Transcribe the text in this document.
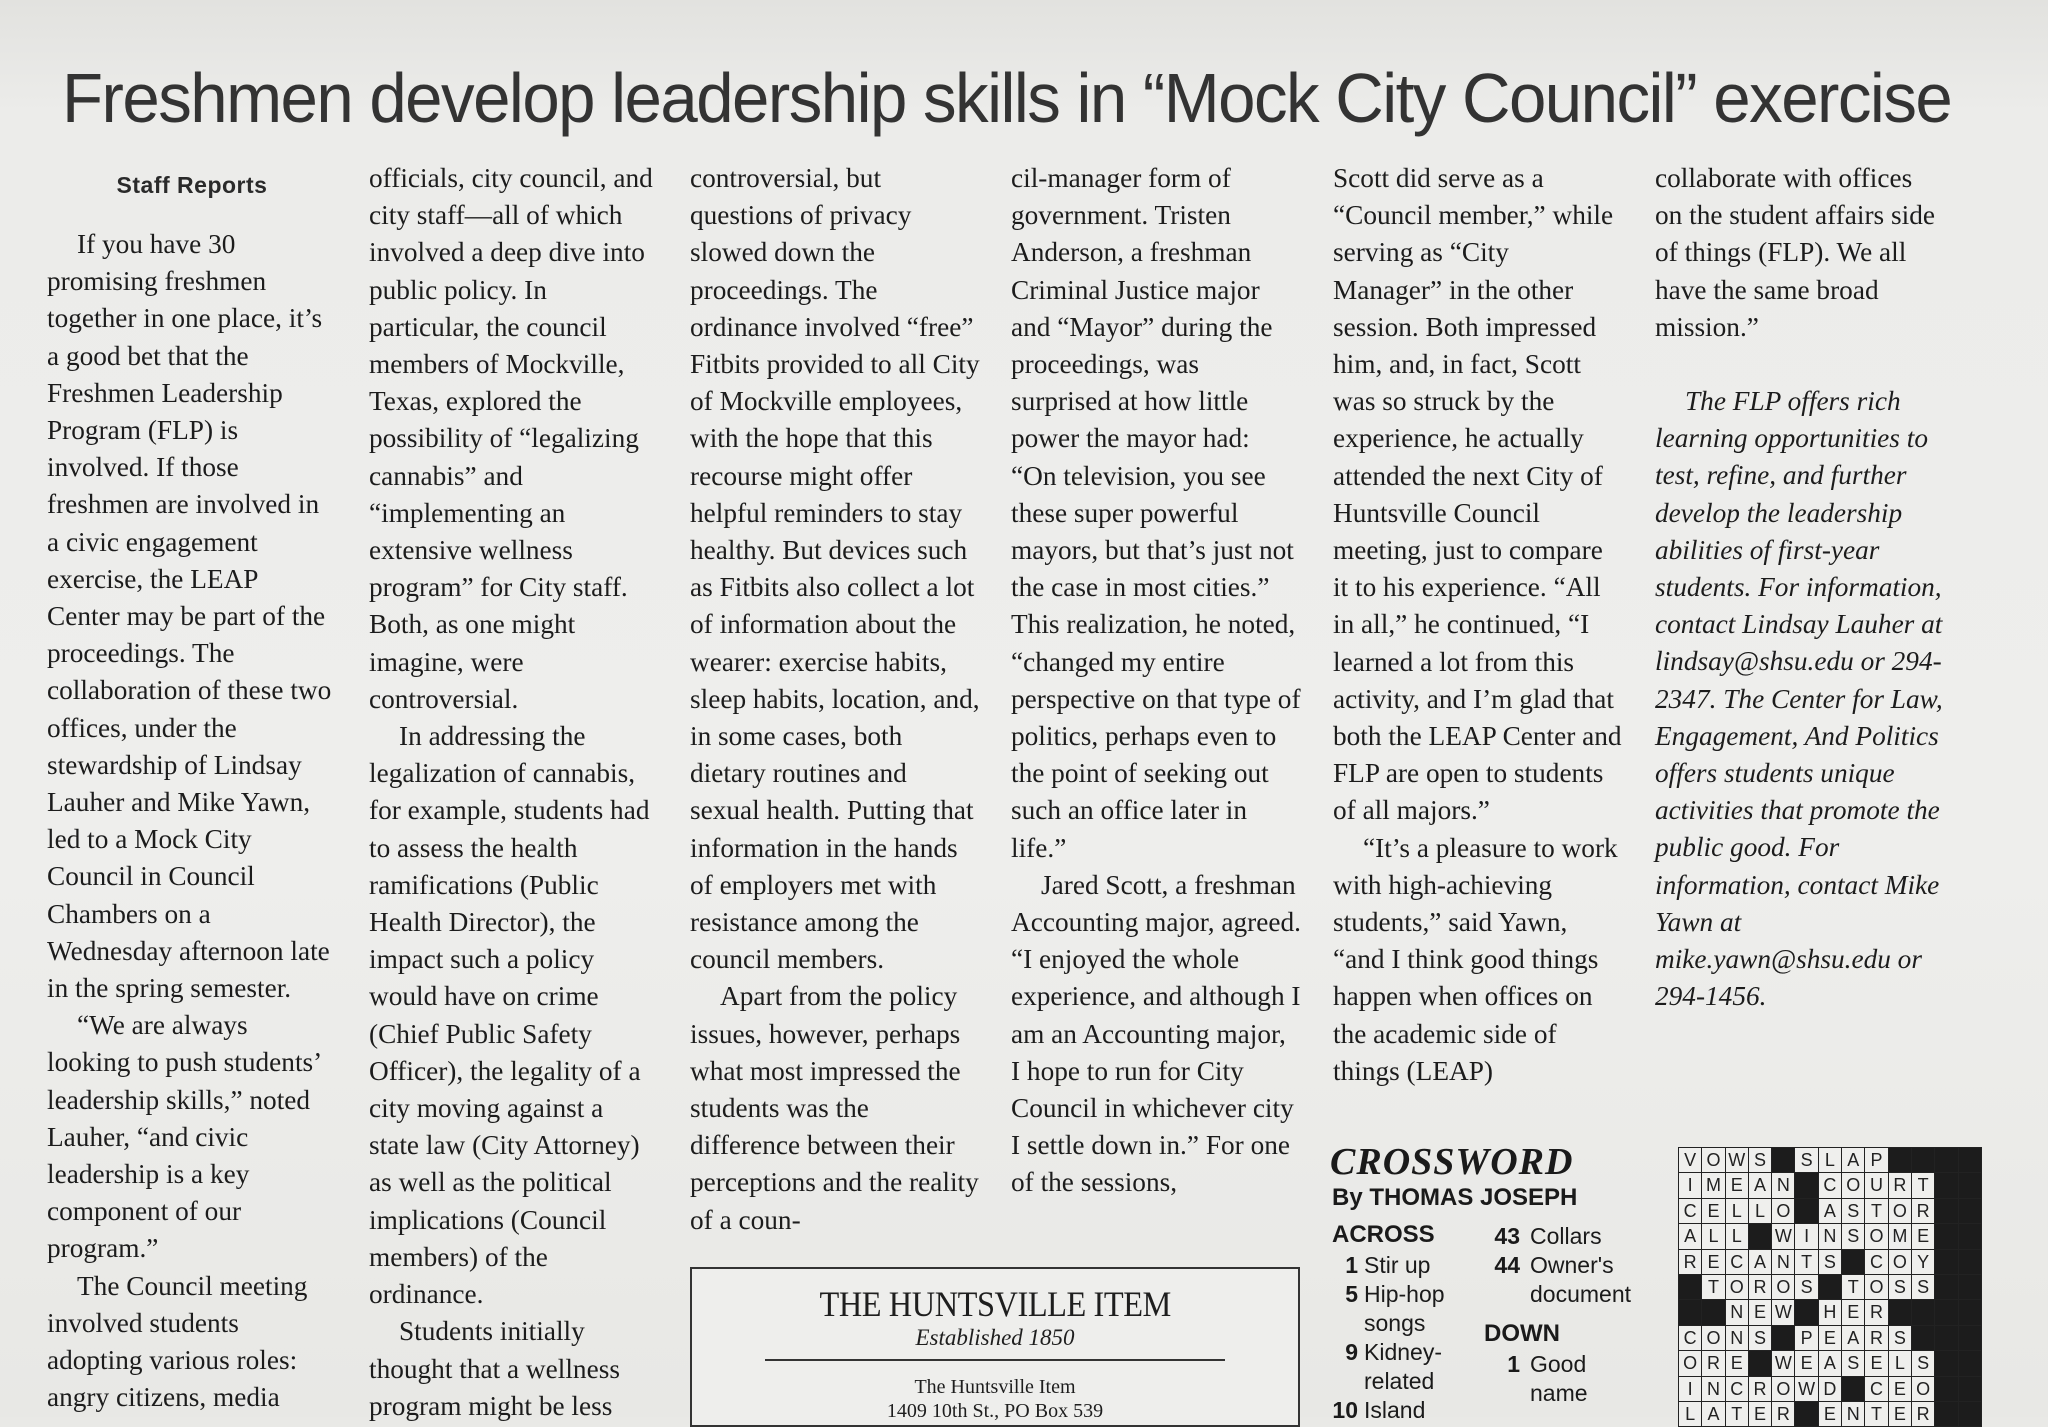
Freshmen develop leadership skills in “Mock City Council” exercise

Staff Reports

If you have 30 promising freshmen together in one place, it’s a good bet that the Freshmen Leadership Program (FLP) is involved. If those freshmen are involved in a civic engagement exercise, the LEAP Center may be part of the proceedings. The collaboration of these two offices, under the stewardship of Lindsay Lauher and Mike Yawn, led to a Mock City Council in Council Chambers on a Wednesday afternoon late in the spring semester.

“We are always looking to push students’ leadership skills,” noted Lauher, “and civic leadership is a key component of our program.”

The Council meeting involved students adopting various roles: angry citizens, media

officials, city council, and city staff—all of which involved a deep dive into public policy. In particular, the council members of Mockville, Texas, explored the possibility of “legalizing cannabis” and “implementing an extensive wellness program” for City staff. Both, as one might imagine, were controversial.

In addressing the legalization of cannabis, for example, students had to assess the health ramifications (Public Health Director), the impact such a policy would have on crime (Chief Public Safety Officer), the legality of a city moving against a state law (City Attorney) as well as the political implications (Council members) of the ordinance.

Students initially thought that a wellness program might be less

controversial, but questions of privacy slowed down the proceedings. The ordinance involved “free” Fitbits provided to all City of Mockville employees, with the hope that this recourse might offer helpful reminders to stay healthy. But devices such as Fitbits also collect a lot of information about the wearer: exercise habits, sleep habits, location, and, in some cases, both dietary routines and sexual health. Putting that information in the hands of employers met with resistance among the council members.

Apart from the policy issues, however, perhaps what most impressed the students was the difference between their perceptions and the reality of a coun-

cil-manager form of government. Tristen Anderson, a freshman Criminal Justice major and “Mayor” during the proceedings, was surprised at how little power the mayor had: “On television, you see these super powerful mayors, but that’s just not the case in most cities.” This realization, he noted, “changed my entire perspective on that type of politics, perhaps even to the point of seeking out such an office later in life.”

Jared Scott, a freshman Accounting major, agreed. “I enjoyed the whole experience, and although I am an Accounting major, I hope to run for City Council in whichever city I settle down in.” For one of the sessions,

Scott did serve as a “Council member,” while serving as “City Manager” in the other session. Both impressed him, and, in fact, Scott was so struck by the experience, he actually attended the next City of Huntsville Council meeting, just to compare it to his experience. “All in all,” he continued, “I learned a lot from this activity, and I’m glad that both the LEAP Center and FLP are open to students of all majors.”

“It’s a pleasure to work with high-achieving students,” said Yawn, “and I think good things happen when offices on the academic side of things (LEAP)

collaborate with offices on the student affairs side of things (FLP). We all have the same broad mission.”

The FLP offers rich learning opportunities to test, refine, and further develop the leadership abilities of first-year students. For information, contact Lindsay Lauher at lindsay@shsu.edu or 294-2347. The Center for Law, Engagement, And Politics offers students unique activities that promote the public good. For information, contact Mike Yawn at mike.yawn@shsu.edu or 294-1456.

THE HUNTSVILLE ITEM
Established 1850
The Huntsville Item
1409 10th St., PO Box 539
CROSSWORD
By THOMAS JOSEPH
ACROSS
1 Stir up
5 Hip-hop songs
9 Kidney-related
10 Island
43 Collars
44 Owner's document
DOWN
1 Good name
V O W S S L A P
I M E A N C O U R T
C E L L O A S T O R
A L L	W I N S O M E
R E C A N T S C O Y
T O R O S	T O S S
N E W H E R
C O N S P E A R S
O R E W E A S E L S
I N C R O W D C E O
L A T E R E N T E R
